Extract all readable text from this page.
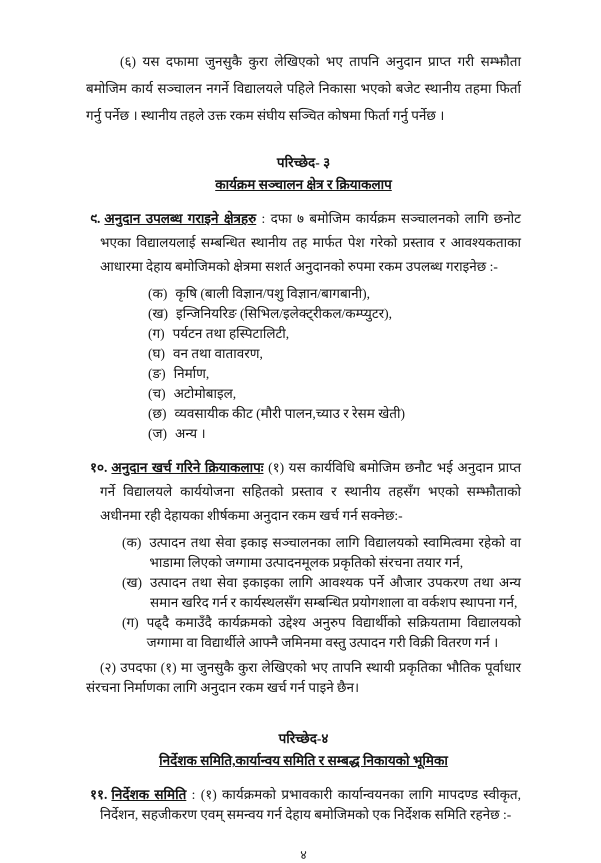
(६) यस दफामा जुनसुकै कुरा लेखिएको भए तापनि अनुदान प्राप्त गरी सम्झौता बमोजिम कार्य सञ्चालन नगर्ने विद्यालयले पहिले निकासा भएको बजेट स्थानीय तहमा फिर्ता गर्नु पर्नेछ । स्थानीय तहले उक्त रकम संघीय सञ्चित कोषमा फिर्ता गर्नु पर्नेछ ।

परिच्छेद- ३

कार्यक्रम सञ्चालन क्षेत्र र क्रियाकलाप

९. अनुदान उपलब्ध गराइने क्षेत्रहरु : दफा ७ बमोजिम कार्यक्रम सञ्चालनको लागि छनोट भएका विद्यालयलाई सम्बन्धित स्थानीय तह मार्फत पेश गरेको प्रस्ताव र आवश्यकताका आधारमा देहाय बमोजिमको क्षेत्रमा सशर्त अनुदानको रुपमा रकम उपलब्ध गराइनेछ :-

(क) कृषि (बाली विज्ञान/पशु विज्ञान/बागबानी),
(ख) इन्जिनियरिङ (सिभिल/इलेक्ट्रीकल/कम्प्युटर),
(ग) पर्यटन तथा हस्पिटालिटी,
(घ) वन तथा वातावरण,
(ङ) निर्माण,
(च) अटोमोबाइल,
(छ) व्यवसायीक कीट (मौरी पालन,च्याउ र रेसम खेती)
(ज) अन्य ।

१०. अनुदान खर्च गरिने क्रियाकलापः (१) यस कार्यविधि बमोजिम छनौट भई अनुदान प्राप्त गर्ने विद्यालयले कार्ययोजना सहितको प्रस्ताव र स्थानीय तहसँग भएको सम्झौताको अधीनमा रही देहायका शीर्षकमा अनुदान रकम खर्च गर्न सक्नेछ:-

(क) उत्पादन तथा सेवा इकाइ सञ्चालनका लागि विद्यालयको स्वामित्वमा रहेको वा भाडामा लिएको जग्गामा उत्पादनमूलक प्रकृतिको संरचना तयार गर्न,
(ख) उत्पादन तथा सेवा इकाइका लागि आवश्यक पर्ने औजार उपकरण तथा अन्य समान खरिद गर्न र कार्यस्थलसँग सम्बन्धित प्रयोगशाला वा वर्कशप स्थापना गर्न,
(ग) पढ्दै कमाउँदै कार्यक्रमको उद्देश्य अनुरुप विद्यार्थीको सक्रियतामा विद्यालयको जग्गामा वा विद्यार्थीले आफ्नै जमिनमा वस्तु उत्पादन गरी विक्री वितरण गर्न ।

(२) उपदफा (१) मा जुनसुकै कुरा लेखिएको भए तापनि स्थायी प्रकृतिका भौतिक पूर्वाधार संरचना निर्माणका लागि अनुदान रकम खर्च गर्न पाइने छैन।

परिच्छेद-४

निर्देशक समिति,कार्यान्वय समिति र सम्बद्ध निकायको भूमिका

११. निर्देशक समिति : (१) कार्यक्रमको प्रभावकारी कार्यान्वयनका लागि मापदण्ड स्वीकृत, निर्देशन, सहजीकरण एवम् समन्वय गर्न देहाय बमोजिमको एक निर्देशक समिति रहनेछ :-

४
